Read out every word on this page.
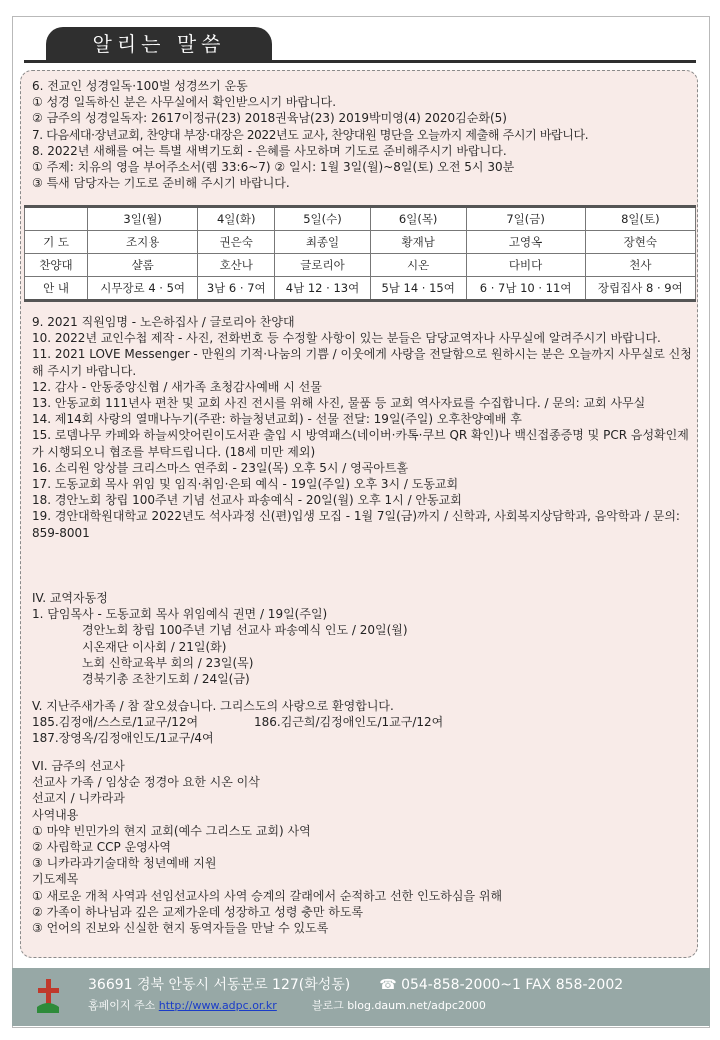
알리는 말씀

6. 전교인 성경일독·100벌 성경쓰기 운동

① 성경 일독하신 분은 사무실에서 확인받으시기 바랍니다.

② 금주의 성경일독자: 2617이정규(23) 2018권육남(23) 2019박미영(4) 2020김순화(5)

7. 다음세대·장년교회, 찬양대 부장·대장은 2022년도 교사, 찬양대원 명단을 오늘까지 제출해 주시기 바랍니다.

8. 2022년 새해를 여는 특별 새벽기도회 - 은혜를 사모하며 기도로 준비해주시기 바랍니다.

① 주제: 치유의 영을 부어주소서(렘 33:6~7) ② 일시: 1월 3일(월)~8일(토) 오전 5시 30분

③ 특새 담당자는 기도로 준비해 주시기 바랍니다.

	3일(월)	4일(화)	5일(수)	6일(목)	7일(금)	8일(토)
기 도	조지용	권은숙	최종일	황재남	고영옥	장현숙
찬양대	샬롬	호산나	글로리아	시온	다비다	천사
안 내	시무장로 4 · 5여	3남 6 · 7여	4남 12 · 13여	5남 14 · 15여	6 · 7남 10 · 11여	장립집사 8 · 9여

9. 2021 직원임명 - 노은하집사 / 글로리아 찬양대

10. 2022년 교인수첩 제작 - 사진, 전화번호 등 수정할 사항이 있는 분들은 담당교역자나 사무실에 알려주시기 바랍니다.

11. 2021 LOVE Messenger - 만원의 기적·나눔의 기쁨 / 이웃에게 사랑을 전달함으로 원하시는 분은 오늘까지 사무실로 신청해 주시기 바랍니다.

12. 감사 - 안동중앙신협 / 새가족 초청감사예배 시 선물

13. 안동교회 111년사 편찬 및 교회 사진 전시를 위해 사진, 물품 등 교회 역사자료를 수집합니다. / 문의: 교회 사무실

14. 제14회 사랑의 열매나누기(주관: 하늘청년교회) - 선물 전달: 19일(주일) 오후찬양예배 후

15. 로뎀나무 카페와 하늘씨앗어린이도서관 출입 시 방역패스(네이버·카톡·쿠브 QR 확인)나 백신접종증명 및 PCR 음성확인제가 시행되오니 협조를 부탁드립니다. (18세 미만 제외)

16. 소리원 앙상블 크리스마스 연주회 - 23일(목) 오후 5시 / 영곡아트홀

17. 도동교회 목사 위임 및 임직·취임·은퇴 예식 - 19일(주일) 오후 3시 / 도동교회

18. 경안노회 창립 100주년 기념 선교사 파송예식 - 20일(월) 오후 1시 / 안동교회

19. 경안대학원대학교 2022년도 석사과정 신(편)입생 모집 - 1월 7일(금)까지 / 신학과, 사회복지상담학과, 음악학과 / 문의: 859-8001

IV. 교역자동정

1. 담임목사 - 도동교회 목사 위임예식 권면 / 19일(주일)

경안노회 창립 100주년 기념 선교사 파송예식 인도 / 20일(월)

시온재단 이사회 / 21일(화)

노회 신학교육부 회의 / 23일(목)

경북기총 조찬기도회 / 24일(금)

V. 지난주새가족 / 참 잘오셨습니다. 그리스도의 사랑으로 환영합니다.

185.김정애/스스로/1교구/12여	186.김근희/김정애인도/1교구/12여

187.장영옥/김정애인도/1교구/4여

VI. 금주의 선교사

선교사 가족 / 임상순 정경아 요한 시온 이삭

선교지 / 니카라과

사역내용

① 마약 빈민가의 현지 교회(예수 그리스도 교회) 사역

② 사립학교 CCP 운영사역

③ 니카라과기술대학 청년예배 지원

기도제목

① 새로운 개척 사역과 선임선교사의 사역 승계의 갈래에서 순적하고 선한 인도하심을 위해

② 가족이 하나님과 깊은 교제가운데 성장하고 성령 충만 하도록

③ 언어의 진보와 신실한 현지 동역자들을 만날 수 있도록

36691 경북 안동시 서동문로 127(화성동) ☎ 054-858-2000~1 FAX 858-2002
홈페이지 주소 http://www.adpc.or.kr	블로그 blog.daum.net/adpc2000
